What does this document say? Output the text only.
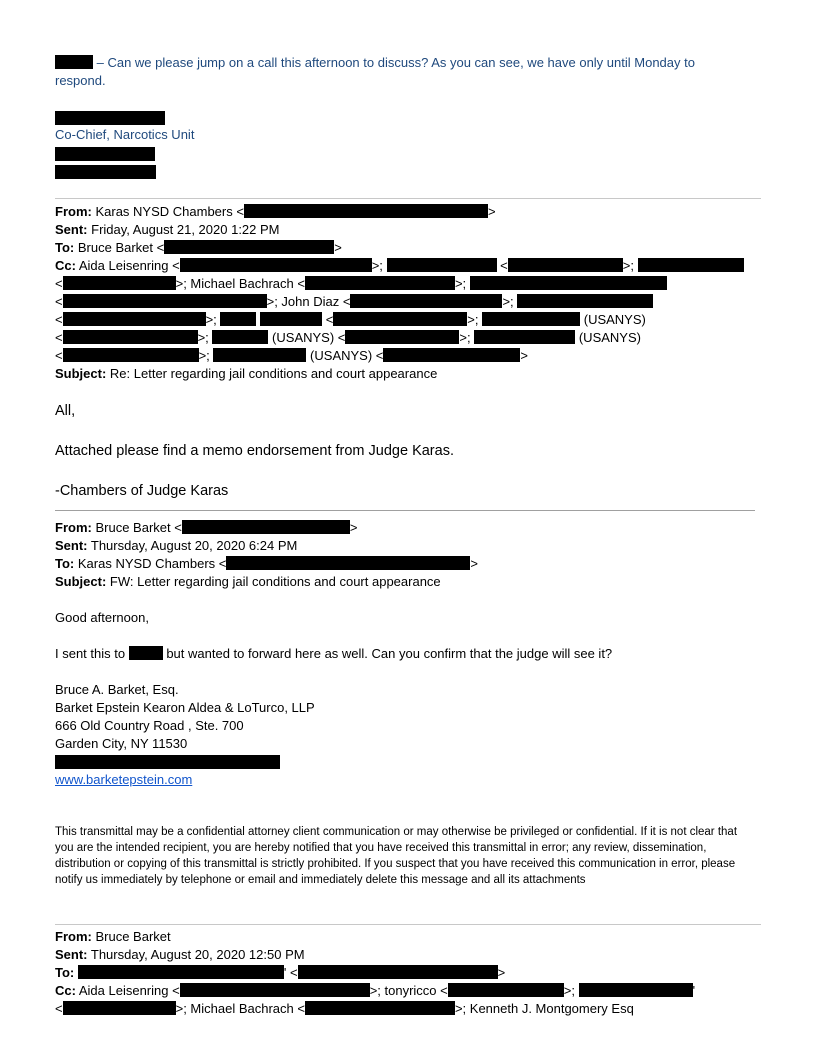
– Can we please jump on a call this afternoon to discuss? As you can see, we have only until Monday to
respond.
Co-Chief, Narcotics Unit
From: Karas NYSD Chambers <	>
Sent: Friday, August 21, 2020 1:22 PM
To: Bruce Barket <	>
Cc: Aida Leisenring <	>;	<	>;
<	>; Michael Bachrach <	>;
<	>; John Diaz <	>;
<	>;	<	>;	(USANYS)
<	>;	(USANYS) <	>;	(USANYS)
<	>;	(USANYS) <	>
Subject: Re: Letter regarding jail conditions and court appearance
All,
Attached please find a memo endorsement from Judge Karas.
-Chambers of Judge Karas
From: Bruce Barket <	>
Sent: Thursday, August 20, 2020 6:24 PM
To: Karas NYSD Chambers <	>
Subject: FW: Letter regarding jail conditions and court appearance
Good afternoon,
I sent this to	but wanted to forward here as well. Can you confirm that the judge will see it?
Bruce A. Barket, Esq.
Barket Epstein Kearon Aldea & LoTurco, LLP
666 Old Country Road , Ste. 700
Garden City, NY 11530
www.barketepstein.com
This transmittal may be a confidential attorney client communication or may otherwise be privileged or confidential. If it is not clear that you are the intended recipient, you are hereby notified that you have received this transmittal in error; any review, dissemination, distribution or copying of this transmittal is strictly prohibited. If you suspect that you have received this communication in error, please notify us immediately by telephone or email and immediately delete this message and all its attachments
From: Bruce Barket
Sent: Thursday, August 20, 2020 12:50 PM
To:	' <	>
Cc: Aida Leisenring <	>; tonyricco <	>;	'
<	>; Michael Bachrach <	>; Kenneth J. Montgomery Esq
